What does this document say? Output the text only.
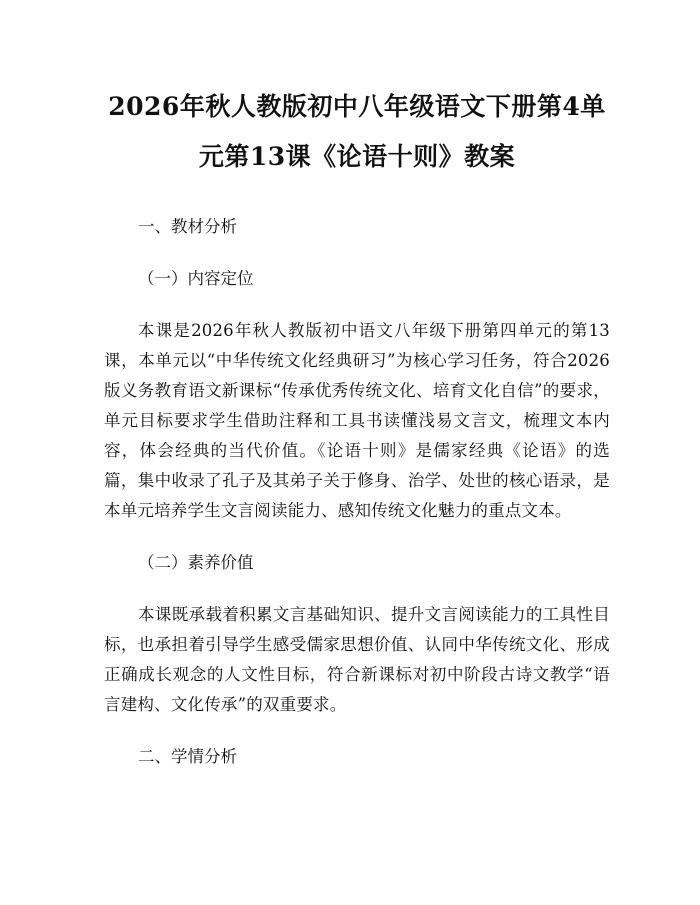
2026年秋人教版初中八年级语文下册第4单
元第13课《论语十则》教案

一、教材分析

（一）内容定位

本课是2026年秋人教版初中语文八年级下册第四单元的第13课，本单元以“中华传统文化经典研习”为核心学习任务，符合2026版义务教育语文新课标“传承优秀传统文化、培育文化自信”的要求，单元目标要求学生借助注释和工具书读懂浅易文言文，梳理文本内容，体会经典的当代价值。《论语十则》是儒家经典《论语》的选篇，集中收录了孔子及其弟子关于修身、治学、处世的核心语录，是本单元培养学生文言阅读能力、感知传统文化魅力的重点文本。

（二）素养价值

本课既承载着积累文言基础知识、提升文言阅读能力的工具性目标，也承担着引导学生感受儒家思想价值、认同中华传统文化、形成正确成长观念的人文性目标，符合新课标对初中阶段古诗文教学“语言建构、文化传承”的双重要求。

二、学情分析
